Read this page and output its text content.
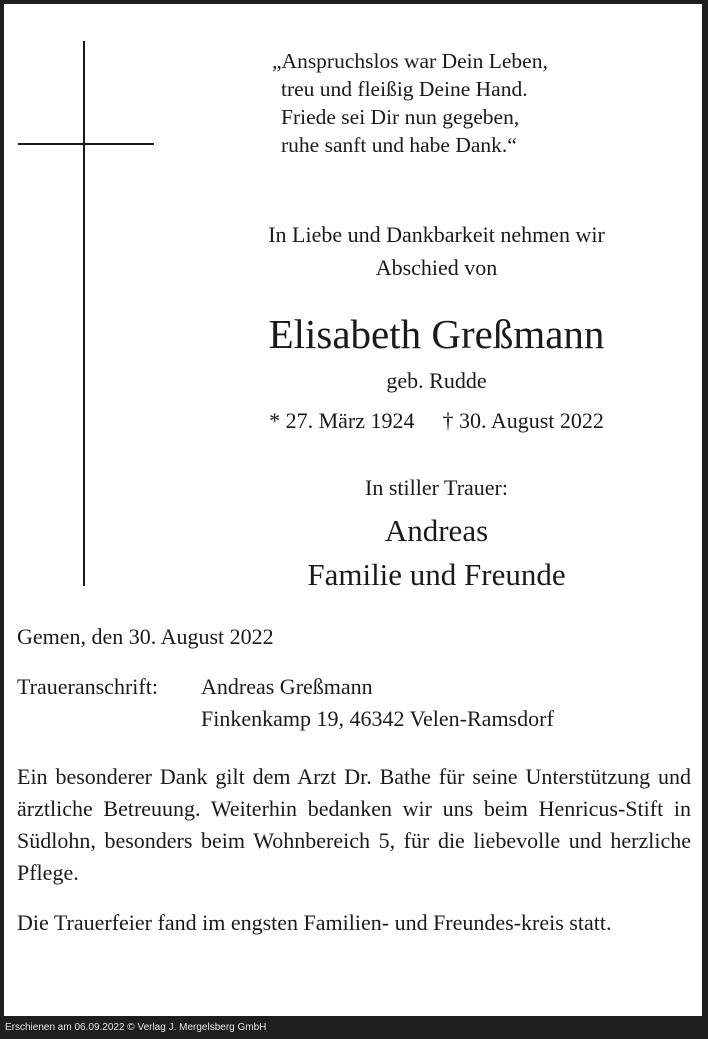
„Anspruchslos war Dein Leben,
treu und fleißig Deine Hand.
Friede sei Dir nun gegeben,
ruhe sanft und habe Dank.“
In Liebe und Dankbarkeit nehmen wir
Abschied von
Elisabeth Greßmann
geb. Rudde
* 27. März 1924 † 30. August 2022
In stiller Trauer:
Andreas
Familie und Freunde
Gemen, den 30. August 2022
Traueranschrift: Andreas Greßmann
Finkenkamp 19, 46342 Velen-Ramsdorf
Ein besonderer Dank gilt dem Arzt Dr. Bathe für seine Unterstützung und ärztliche Betreuung. Weiterhin bedanken wir uns beim Henricus-Stift in Südlohn, besonders beim Wohnbereich 5, für die liebevolle und herzliche Pflege.
Die Trauerfeier fand im engsten Familien- und Freundes-kreis statt.
Erschienen am 06.09.2022 © Verlag J. Mergelsberg GmbH
